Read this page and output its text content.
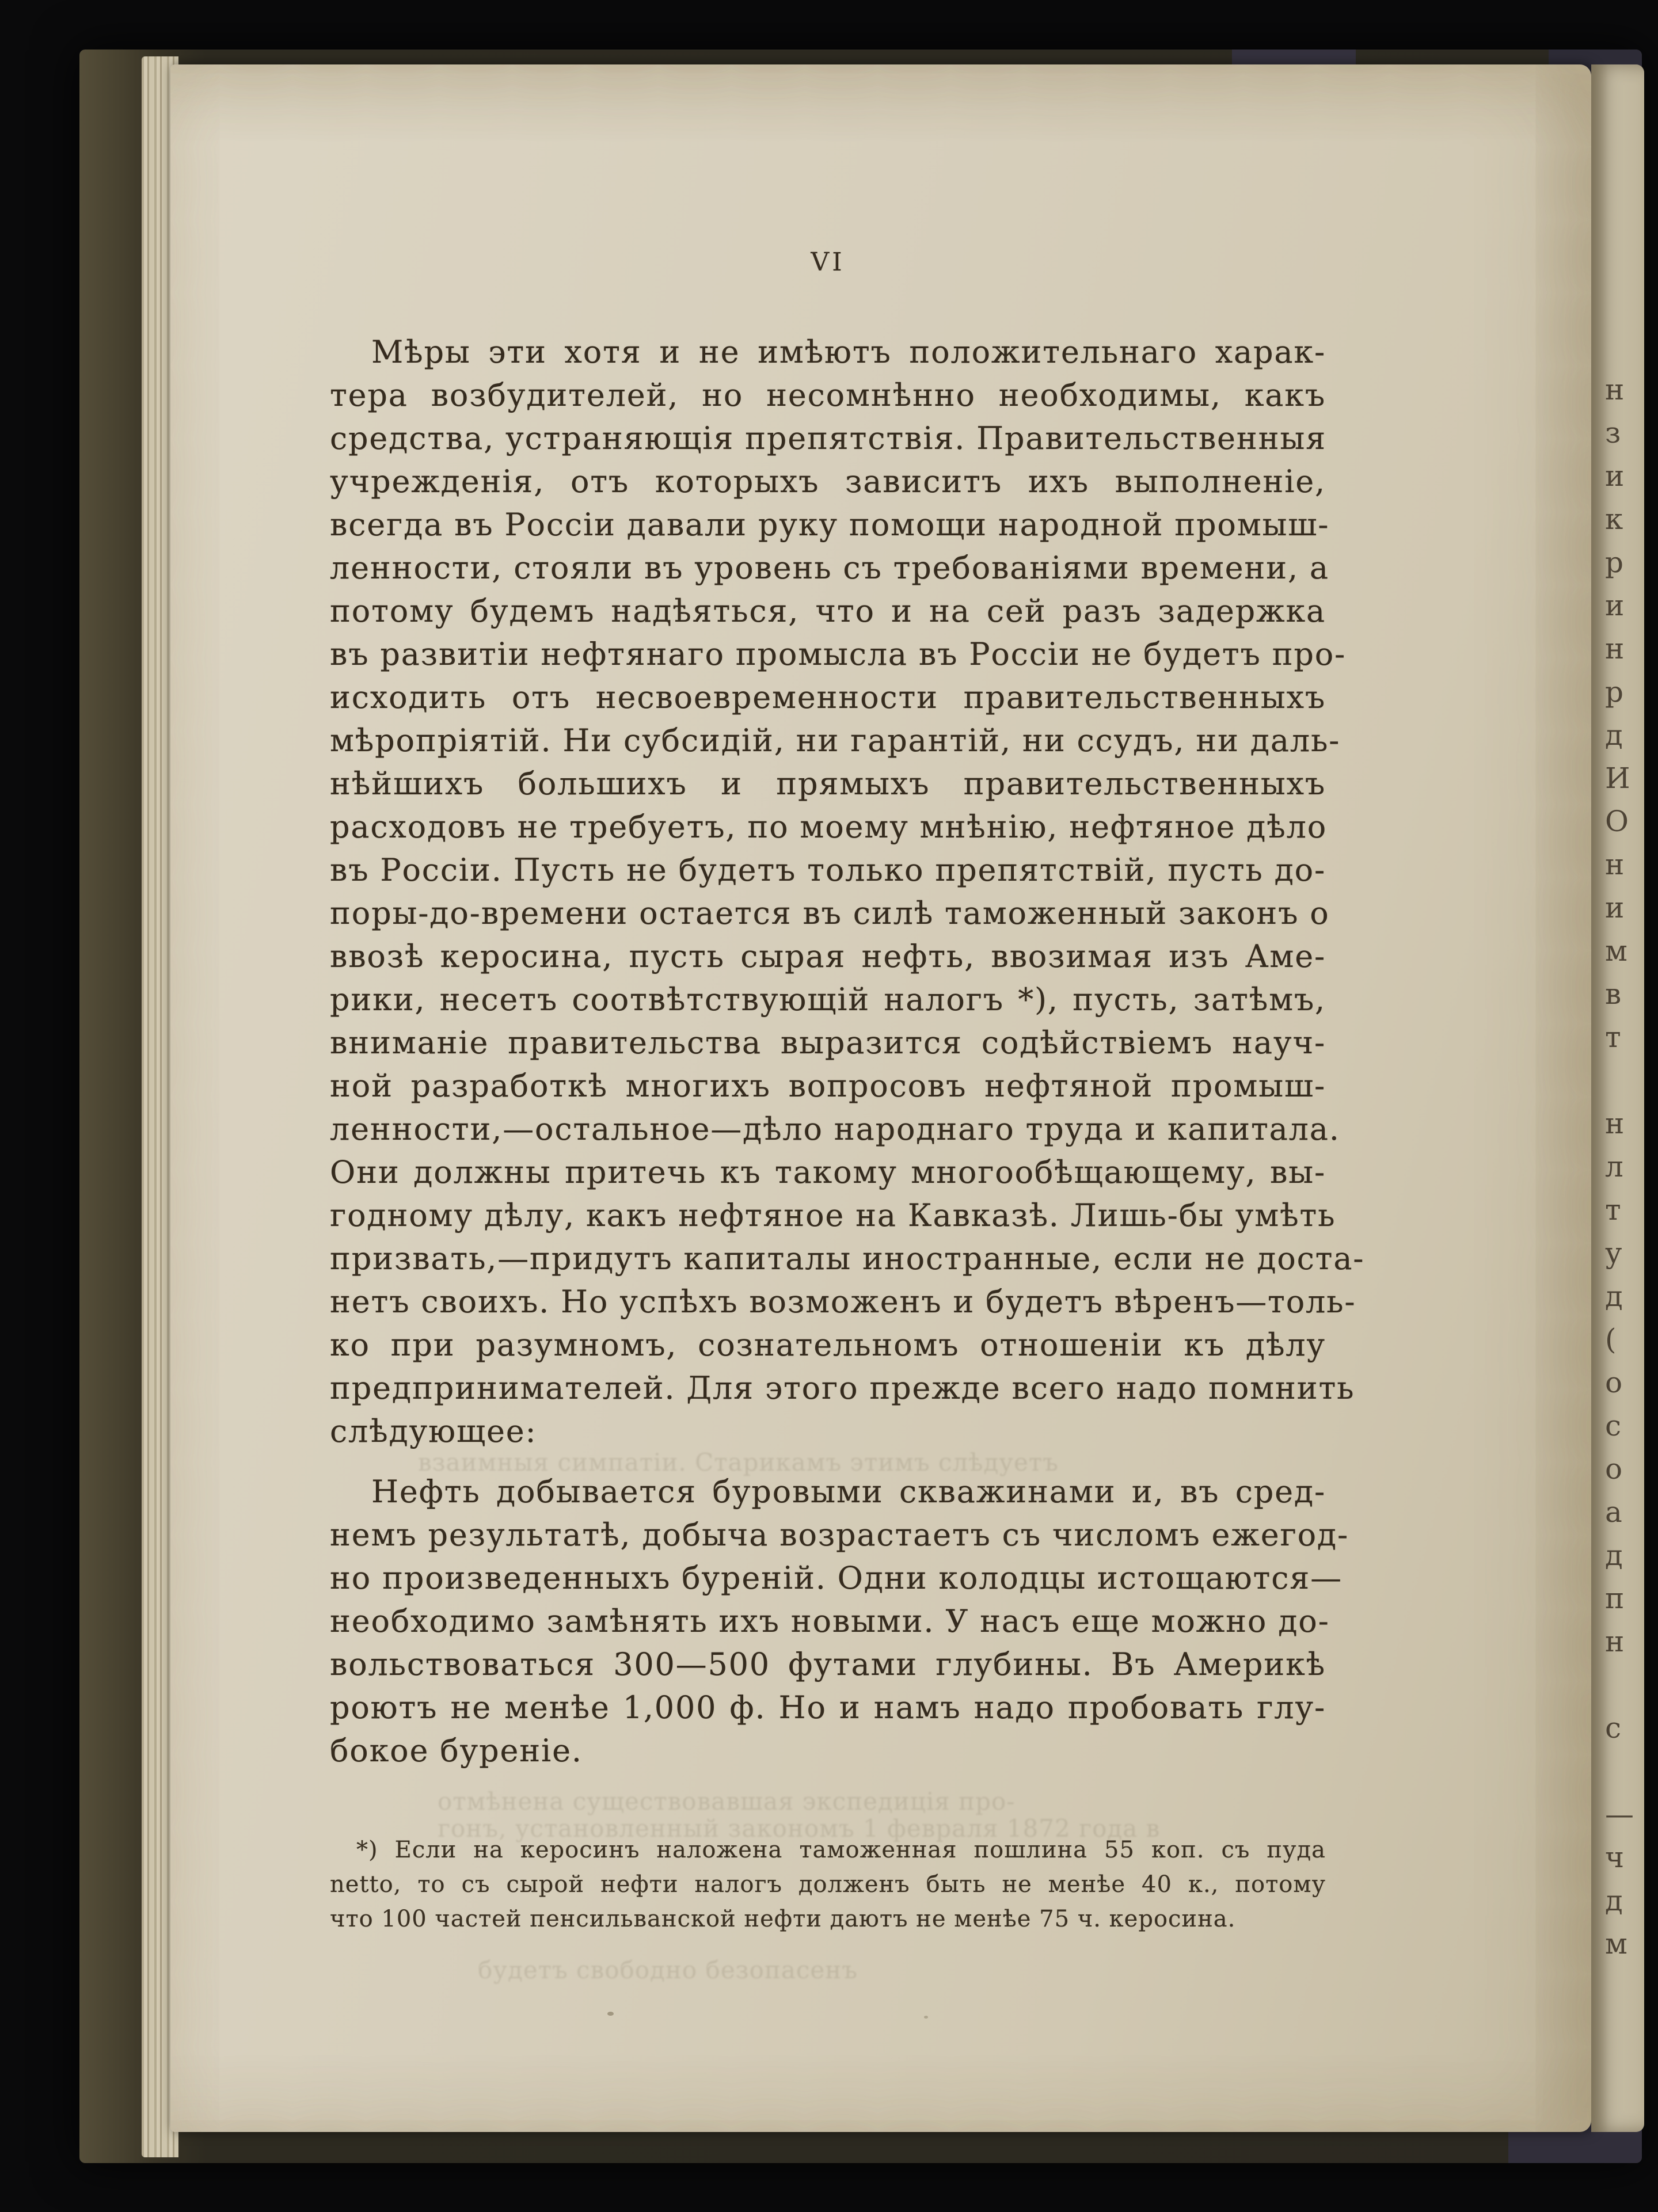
VI
Мѣры эти хотя и не имѣютъ положительнаго харак-
тера возбудителей, но несомнѣнно необходимы, какъ
средства, устраняющія препятствія. Правительственныя
учрежденія, отъ которыхъ зависитъ ихъ выполненіе,
всегда въ Россіи давали руку помощи народной промыш-
ленности, стояли въ уровень съ требованіями времени, а
потому будемъ надѣяться, что и на сей разъ задержка
въ развитіи нефтянаго промысла въ Россіи не будетъ про-
исходить отъ несвоевременности правительственныхъ
мѣропріятій. Ни субсидій, ни гарантій, ни ссудъ, ни даль-
нѣйшихъ большихъ и прямыхъ правительственныхъ
расходовъ не требуетъ, по моему мнѣнію, нефтяное дѣло
въ Россіи. Пусть не будетъ только препятствій, пусть до-
поры-до-времени остается въ силѣ таможенный законъ о
ввозѣ керосина, пусть сырая нефть, ввозимая изъ Аме-
рики, несетъ соотвѣтствующій налогъ *), пусть, затѣмъ,
вниманіе правительства выразится содѣйствіемъ науч-
ной разработкѣ многихъ вопросовъ нефтяной промыш-
ленности,—остальное—дѣло народнаго труда и капитала.
Они должны притечь къ такому многообѣщающему, вы-
годному дѣлу, какъ нефтяное на Кавказѣ. Лишь-бы умѣть
призвать,—придутъ капиталы иностранные, если не доста-
нетъ своихъ. Но успѣхъ возможенъ и будетъ вѣренъ—толь-
ко при разумномъ, сознательномъ отношеніи къ дѣлу
предпринимателей. Для этого прежде всего надо помнить
слѣдующее:
Нефть добывается буровыми скважинами и, въ сред-
немъ результатѣ, добыча возрастаетъ съ числомъ ежегод-
но произведенныхъ буреній. Одни колодцы истощаются—
необходимо замѣнять ихъ новыми. У насъ еще можно до-
вольствоваться 300—500 футами глубины. Въ Америкѣ
роютъ не менѣе 1,000 ф. Но и намъ надо пробовать глу-
бокое буреніе.
*) Если на керосинъ наложена таможенная пошлина 55 коп. съ пуда
netto, то съ сырой нефти налогъ долженъ быть не менѣе 40 к., потому
что 100 частей пенсильванской нефти даютъ не менѣе 75 ч. керосина.
взаимныя симпатіи. Старикамъ этимъ слѣдуетъ
отмѣнена существовавшая экспедиція про-
гонъ, установленный закономъ 1 февраля 1872 года в
будетъ свободно безопасенъ
н
з
и
к
р
и
н
р
д
И
О
н
и
м
в
т
н
л
т
у
д
(
о
с
о
а
д
п
н
с
—
ч
д
м
